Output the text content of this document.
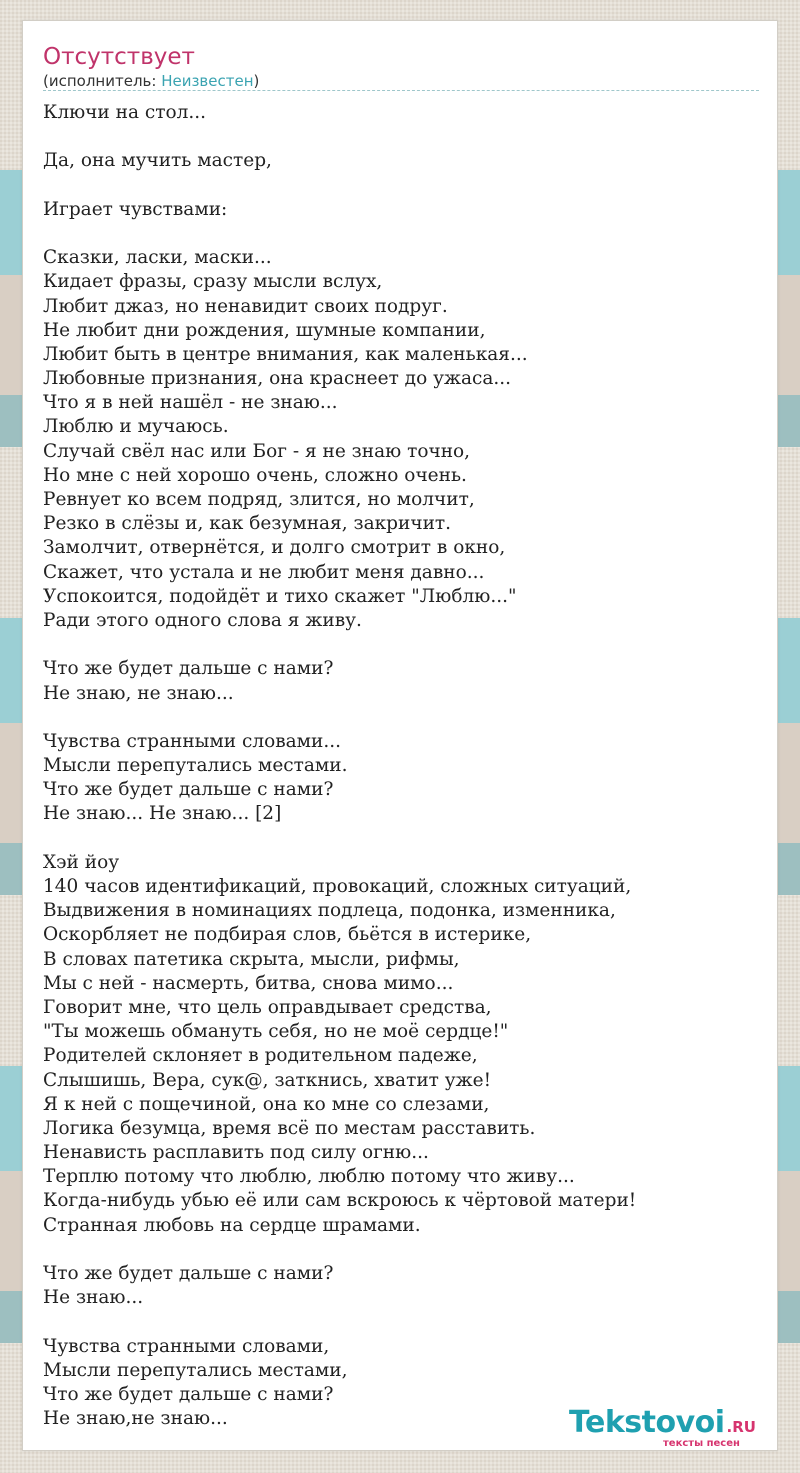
Отсутствует
(исполнитель: Неизвестен)
Ключи на стол...
Да, она мучить мастер,
Играет чувствами:
Сказки, ласки, маски...
Кидает фразы, сразу мысли вслух,
Любит джаз, но ненавидит своих подруг.
Не любит дни рождения, шумные компании,
Любит быть в центре внимания, как маленькая...
Любовные признания, она краснеет до ужаса...
Что я в ней нашёл - не знаю...
Люблю и мучаюсь.
Случай свёл нас или Бог - я не знаю точно,
Но мне с ней хорошо очень, сложно очень.
Ревнует ко всем подряд, злится, но молчит,
Резко в слёзы и, как безумная, закричит.
Замолчит, отвернётся, и долго смотрит в окно,
Скажет, что устала и не любит меня давно...
Успокоится, подойдёт и тихо скажет "Люблю..."
Ради этого одного слова я живу.
Что же будет дальше с нами?
Не знаю, не знаю...
Чувства странными словами...
Мысли перепутались местами.
Что же будет дальше с нами?
Не знаю... Не знаю... [2]
Хэй йоу
140 часов идентификаций, провокаций, сложных ситуаций,
Выдвижения в номинациях подлеца, подонка, изменника,
Оскорбляет не подбирая слов, бьётся в истерике,
В словах патетика скрыта, мысли, рифмы,
Мы с ней - насмерть, битва, снова мимо...
Говорит мне, что цель оправдывает средства,
"Ты можешь обмануть себя, но не моё сердце!"
Родителей склоняет в родительном падеже,
Слышишь, Вера, сук@, заткнись, хватит уже!
Я к ней с пощечиной, она ко мне со слезами,
Логика безумца, время всё по местам расставить.
Ненависть расплавить под силу огню...
Терплю потому что люблю, люблю потому что живу...
Когда-нибудь убью её или сам вскроюсь к чёртовой матери!
Странная любовь на сердце шрамами.
Что же будет дальше с нами?
Не знаю...
Чувства странными словами,
Мысли перепутались местами,
Что же будет дальше с нами?
Не знаю,не знаю...	Tekstovoi .RU
тексты песен
